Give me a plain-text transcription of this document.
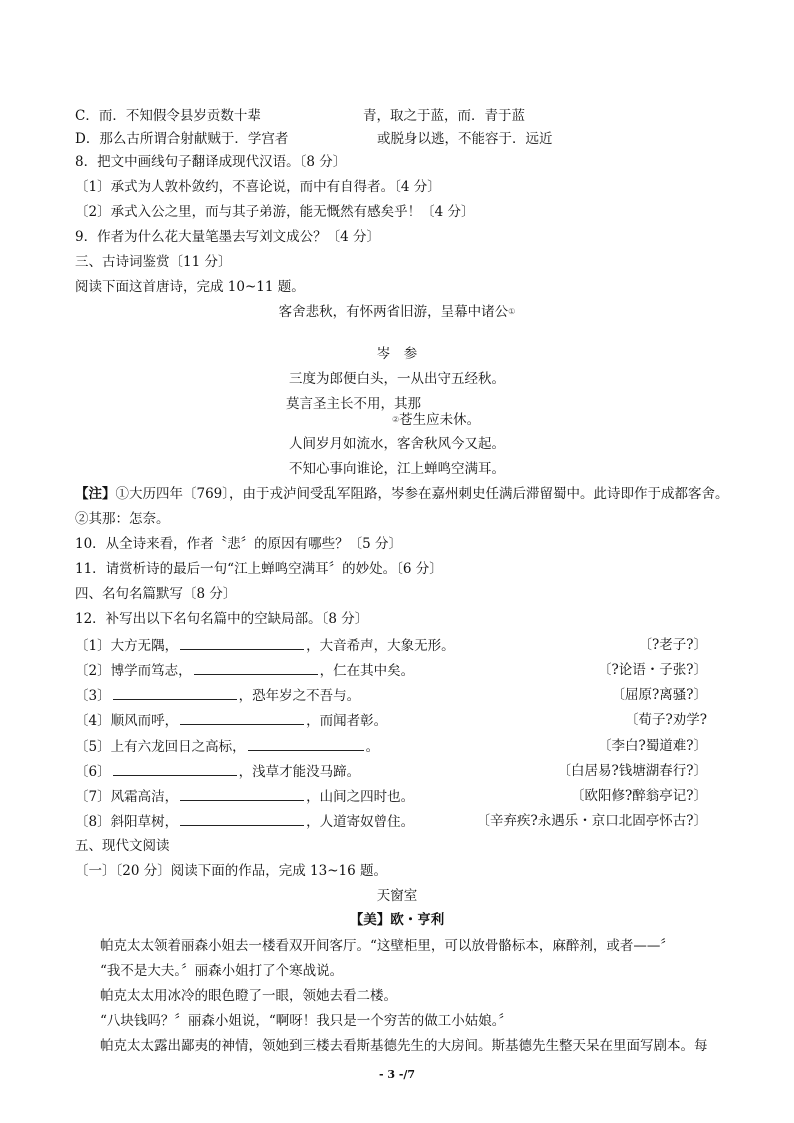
C．而．不知假令县岁贡数十辈	青，取之于蓝，而．青于蓝
D．那么古所谓合射献贼于．学宫者	或脱身以逃，不能容于．远近
8．把文中画线句子翻译成现代汉语。〔8 分〕
〔1〕承式为人敦朴敛约，不喜论说，而中有自得者。〔4 分〕
〔2〕承式入公之里，而与其子弟游，能无慨然有感矣乎！〔4 分〕
9．作者为什么花大量笔墨去写刘文成公？〔4 分〕
三、古诗词鉴赏〔11 分〕
阅读下面这首唐诗，完成 10~11 题。
客舍悲秋，有怀两省旧游，呈幕中诸公①
岑　参
三度为郎便白头，一从出守五经秋。
莫言圣主长不用，其那
②苍生应未休。
人间岁月如流水，客舍秋风今又起。
不知心事向谁论，江上蝉鸣空满耳。
【注】①大历四年〔769〕，由于戎泸间受乱军阻路，岑参在嘉州刺史任满后滞留蜀中。此诗即作于成都客舍。
②其那：怎奈。
10．从全诗来看，作者〝悲〞的原因有哪些？〔5 分〕
11．请赏析诗的最后一句“江上蝉鸣空满耳〞的妙处。〔6 分〕
四、名句名篇默写〔8 分〕
12．补写出以下名句名篇中的空缺局部。〔8 分〕
〔1〕大方无隅，	，大音希声，大象无形。	〔?老子?〕
〔2〕博学而笃志，	，仁在其中矣。	〔?论语・子张?〕
〔3〕	，恐年岁之不吾与。	〔屈原?离骚?〕
〔4〕顺风而呼，	，而闻者彰。	〔荀子?劝学?
〔5〕上有六龙回日之高标，	。	〔李白?蜀道难?〕
〔6〕	，浅草才能没马蹄。	〔白居易?钱塘湖春行?〕
〔7〕风霜高洁，	，山间之四时也。	〔欧阳修?醉翁亭记?〕
〔8〕斜阳草树，	，人道寄奴曾住。	〔辛弃疾?永遇乐・京口北固亭怀古?〕
五、现代文阅读
〔一〕〔20 分〕阅读下面的作品，完成 13~16 题。
天窗室
【美】欧・亨利
帕克太太领着丽森小姐去一楼看双开间客厅。“这壁柜里，可以放骨骼标本，麻醉剂，或者——〞
“我不是大夫。〞丽森小姐打了个寒战说。
帕克太太用冰冷的眼色瞪了一眼，领她去看二楼。
“八块钱吗？〞丽森小姐说，“啊呀！我只是一个穷苦的做工小姑娘。〞
帕克太太露出鄙夷的神情，领她到三楼去看斯基德先生的大房间。斯基德先生整天呆在里面写剧本。每
- 3 -/7
